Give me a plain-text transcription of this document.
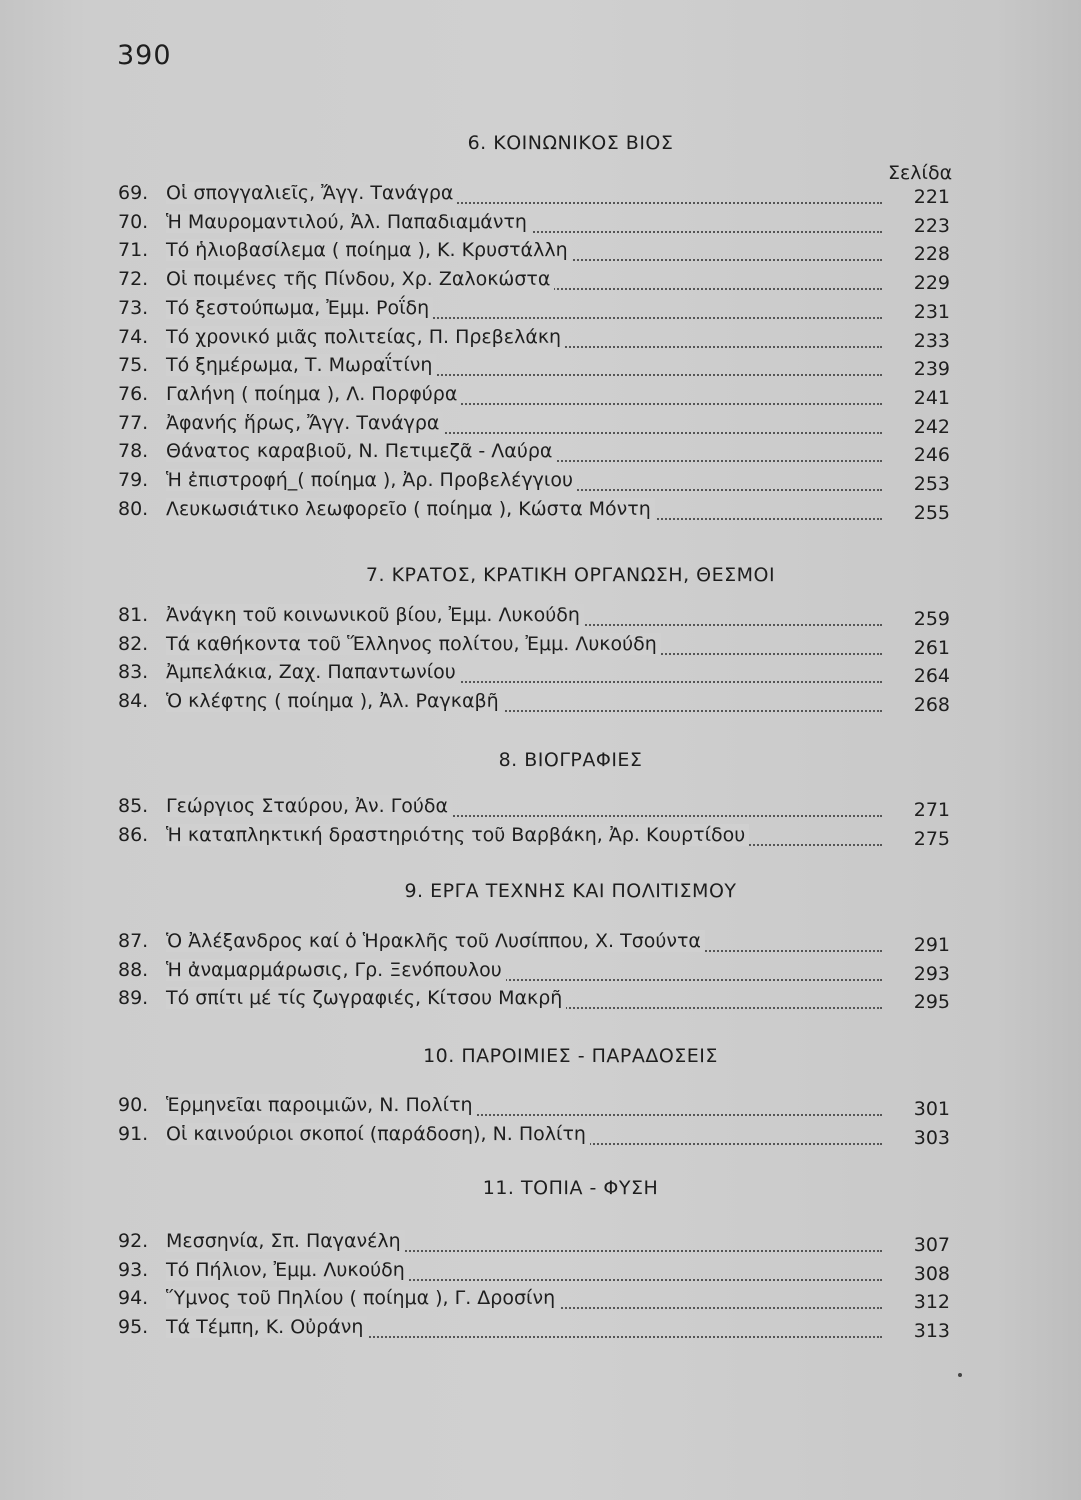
390
Σελίδα
6. ΚΟΙΝΩΝΙΚΟΣ ΒΙΟΣ
69. Οἱ σπογγαλιεῖς, Ἄγγ. Τανάγρα	221
70. Ἡ Μαυρομαντιλού, Ἀλ. Παπαδιαμάντη	223
71. Τό ἡλιοβασίλεμα ( ποίημα ), Κ. Κρυστάλλη	228
72. Οἱ ποιμένες τῆς Πίνδου, Χρ. Ζαλοκώστα	229
73. Τό ξεστούπωμα, Ἐμμ. Ροΐδη	231
74. Τό χρονικό μιᾶς πολιτείας, Π. Πρεβελάκη	233
75. Τό ξημέρωμα, Τ. Μωραΐτίνη	239
76. Γαλήνη ( ποίημα ), Λ. Πορφύρα	241
77. Ἀφανής ἥρως, Ἄγγ. Τανάγρα	242
78. Θάνατος καραβιοῦ, Ν. Πετιμεζᾶ - Λαύρα	246
79. Ἡ ἐπιστροφή_( ποίημα ), Ἀρ. Προβελέγγιου	253
80. Λευκωσιάτικο λεωφορεῖο ( ποίημα ), Κώστα Μόντη	255
7. ΚΡΑΤΟΣ, ΚΡΑΤΙΚΗ ΟΡΓΑΝΩΣΗ, ΘΕΣΜΟΙ
81. Ἀνάγκη τοῦ κοινωνικοῦ βίου, Ἐμμ. Λυκούδη	259
82. Τά καθήκοντα τοῦ Ἕλληνος πολίτου, Ἐμμ. Λυκούδη	261
83. Ἀμπελάκια, Ζαχ. Παπαντωνίου	264
84. Ὁ κλέφτης ( ποίημα ), Ἀλ. Ραγκαβῆ	268
8. ΒΙΟΓΡΑΦΙΕΣ
85. Γεώργιος Σταύρου, Ἀν. Γούδα	271
86. Ἡ καταπληκτική δραστηριότης τοῦ Βαρβάκη, Ἀρ. Κουρτίδου	275
9. ΕΡΓΑ ΤΕΧΝΗΣ ΚΑΙ ΠΟΛΙΤΙΣΜΟΥ
87. Ὁ Ἀλέξανδρος καί ὁ Ἡρακλῆς τοῦ Λυσίππου, Χ. Τσούντα	291
88. Ἡ ἀναμαρμάρωσις, Γρ. Ξενόπουλου	293
89. Τό σπίτι μέ τίς ζωγραφιές, Κίτσου Μακρῆ	295
10. ΠΑΡΟΙΜΙΕΣ - ΠΑΡΑΔΟΣΕΙΣ
90. Ἑρμηνεῖαι παροιμιῶν, Ν. Πολίτη	301
91. Οἱ καινούριοι σκοποί (παράδοση), Ν. Πολίτη	303
11. ΤΟΠΙΑ - ΦΥΣΗ
92. Μεσσηνία, Σπ. Παγανέλη	307
93. Τό Πήλιον, Ἐμμ. Λυκούδη	308
94. Ὕμνος τοῦ Πηλίου ( ποίημα ), Γ. Δροσίνη	312
95. Τά Τέμπη, Κ. Οὐράνη	313
